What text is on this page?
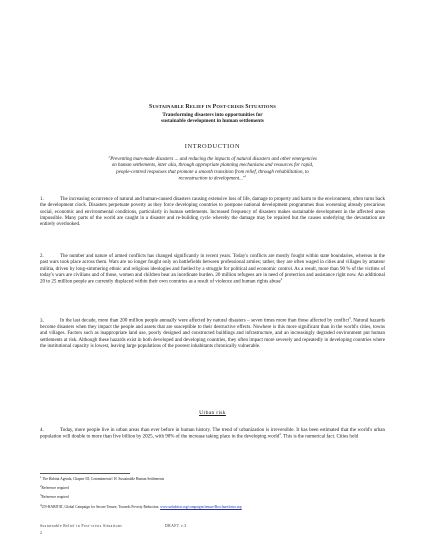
SUSTAINABLE RELIEF IN POST-CRISIS SITUATIONS
Transforming disasters into opportunities for
sustainable development in human settlements
INTRODUCTION
"Preventing man-made disasters ... and reducing the impacts of natural disasters and other emergencies
on human settlements, inter alia, through appropriate planning mechanisms and resources for rapid,
people-centred responses that promote a smooth transition from relief, through rehabilitation, to
reconstruction to development..."$^1$
1.	The increasing occurrence of natural and human-caused disasters causing extensive loss of life, damage to property and harm to the environment, often turns back the development clock. Disasters perpetuate poverty as they force developing countries to postpone national development programmes thus worsening already precarious social, economic and environmental conditions, particularly in human settlements. Increased frequency of disasters makes sustainable development in the affected areas impossible. Many parts of the world are caught in a disaster and re-building cycle whereby the damage may be repaired but the causes underlying the devastation are entirely overlooked.
2.	The number and nature of armed conflicts has changed significantly in recent years. Today's conflicts are mostly fought within state boundaries, whereas in the past wars took place across them. Wars are no longer fought only on battlefields between professional armies; rather, they are often waged in cities and villages by amateur militia, driven by long-simmering ethnic and religious ideologies and fuelled by a struggle for political and economic control. As a result, more than 90 % of the victims of today's wars are civilians and of those, women and children bear an inordinate burden. 20 million refugees are in need of protection and assistance right now. An additional 20 to 25 million people are currently displaced within their own countries as a result of violence and human rights abuse$^2$
3.	In the last decade, more than 200 million people annually were affected by natural disasters – seven times more than those affected by conflict$^3$. Natural hazards become disasters when they impact the people and assets that are susceptible to their destructive effects. Nowhere is this more significant than in the world's cities, towns and villages. Factors such as inappropriate land use, poorly designed and constructed buildings and infrastructure, and an increasingly degraded environment put human settlements at risk. Although these hazards exist in both developed and developing countries, they often impact more severely and repeatedly in developing countries where the institutional capacity is lowest, leaving large populations of the poorest inhabitants chronically vulnerable.
Urban risk
4.	Today, more people live in urban areas than ever before in human history. The trend of urbanization is irreversible. It has been estimated that the world's urban population will double to more than five billion by 2025, with 90% of the increase taking place in the developing world$^4$. This is the numerical fact. Cities hold
$^1$ The Habitat Agenda, Chapter III, Commitments\\ H. Sustainable Human Settlements
$^2$Reference required
$^3$Reference required
$^4$UN-HABITAT, Global Campaign for Secure Tenure, Towards Poverty Reduction, www.unhabitat.org/campaigns/tenure/Brochure/intro.asp
Sustainable Relief in Post-crisis Situations	DRAFT v.3
2
